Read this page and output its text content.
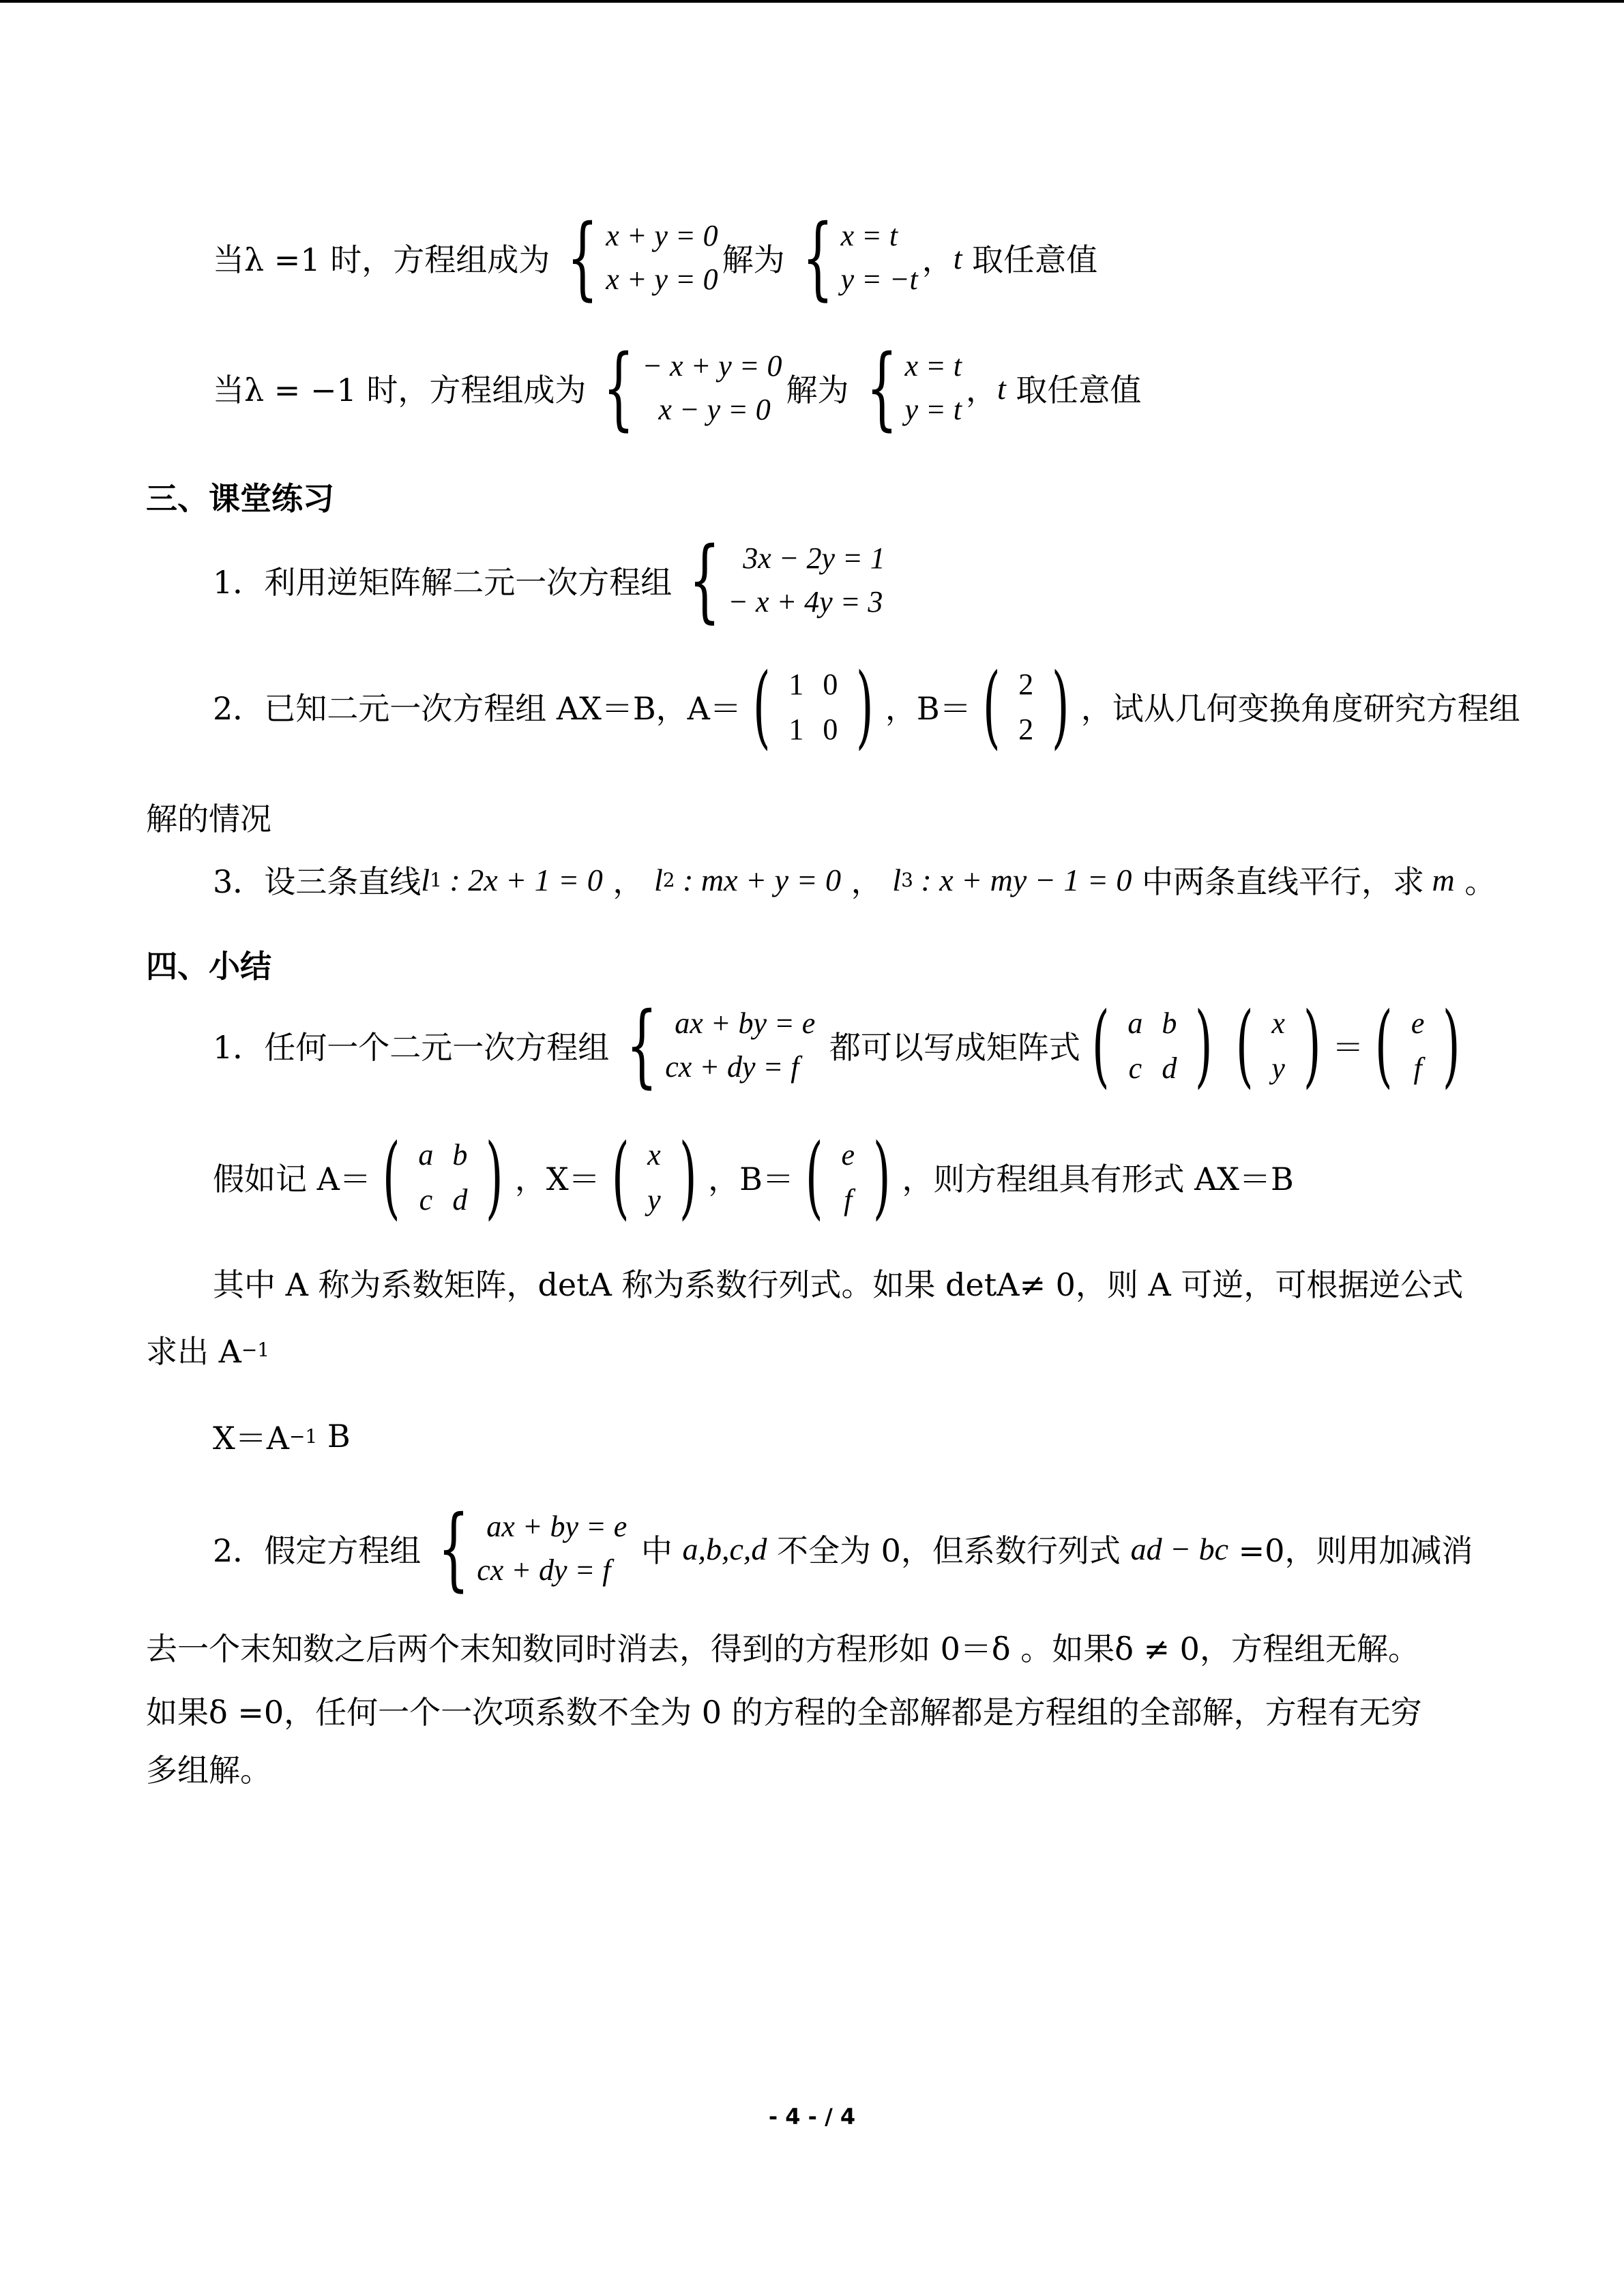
当λ =1 时，方程组成为 { x + y = 0
x + y = 0
解为 { x = t
y = −t
， t 取任意值
当λ = −1 时，方程组成为 { − x + y = 0
x − y = 0
解为 { x = t
y = t
， t 取任意值
三、课堂练习
1．利用逆矩阵解二元一次方程组 { 3x − 2y = 1
− x + 4y = 3
2．已知二元一次方程组 AX＝B，A＝ ( 1	0
1	0 ) ，B＝ ( 2
2 ) ，试从几何变换角度研究方程组
解的情况
3．设三条直线 l 1 : 2x + 1 = 0 ， l 2 : mx + y = 0 ， l 3 : x + my − 1 = 0 中两条直线平行，求 m 。
四、小结
1．任何一个二元一次方程组 { ax + by = e
cx + dy = f
都可以写成矩阵式 ( a	b
c	d ) ( x
y ) ＝ ( e
f )
假如记 A＝ ( a	b
c	d ) ，X＝ ( x
y ) ，B＝ ( e
f ) ，则方程组具有形式 AX＝B
其中 A 称为系数矩阵，detA 称为系数行列式。如果 detA≠ 0，则 A 可逆，可根据逆公式
求出 A −1
X＝A −1 B
2．假定方程组 { ax + by = e
cx + dy = f
中 a,b,c,d 不全为 0，但系数行列式 ad − bc =0，则用加减消
去一个末知数之后两个末知数同时消去，得到的方程形如 0＝δ 。如果δ ≠ 0，方程组无解。
如果δ =0，任何一个一次项系数不全为 0 的方程的全部解都是方程组的全部解，方程有无穷
多组解。
- 4 - / 4
